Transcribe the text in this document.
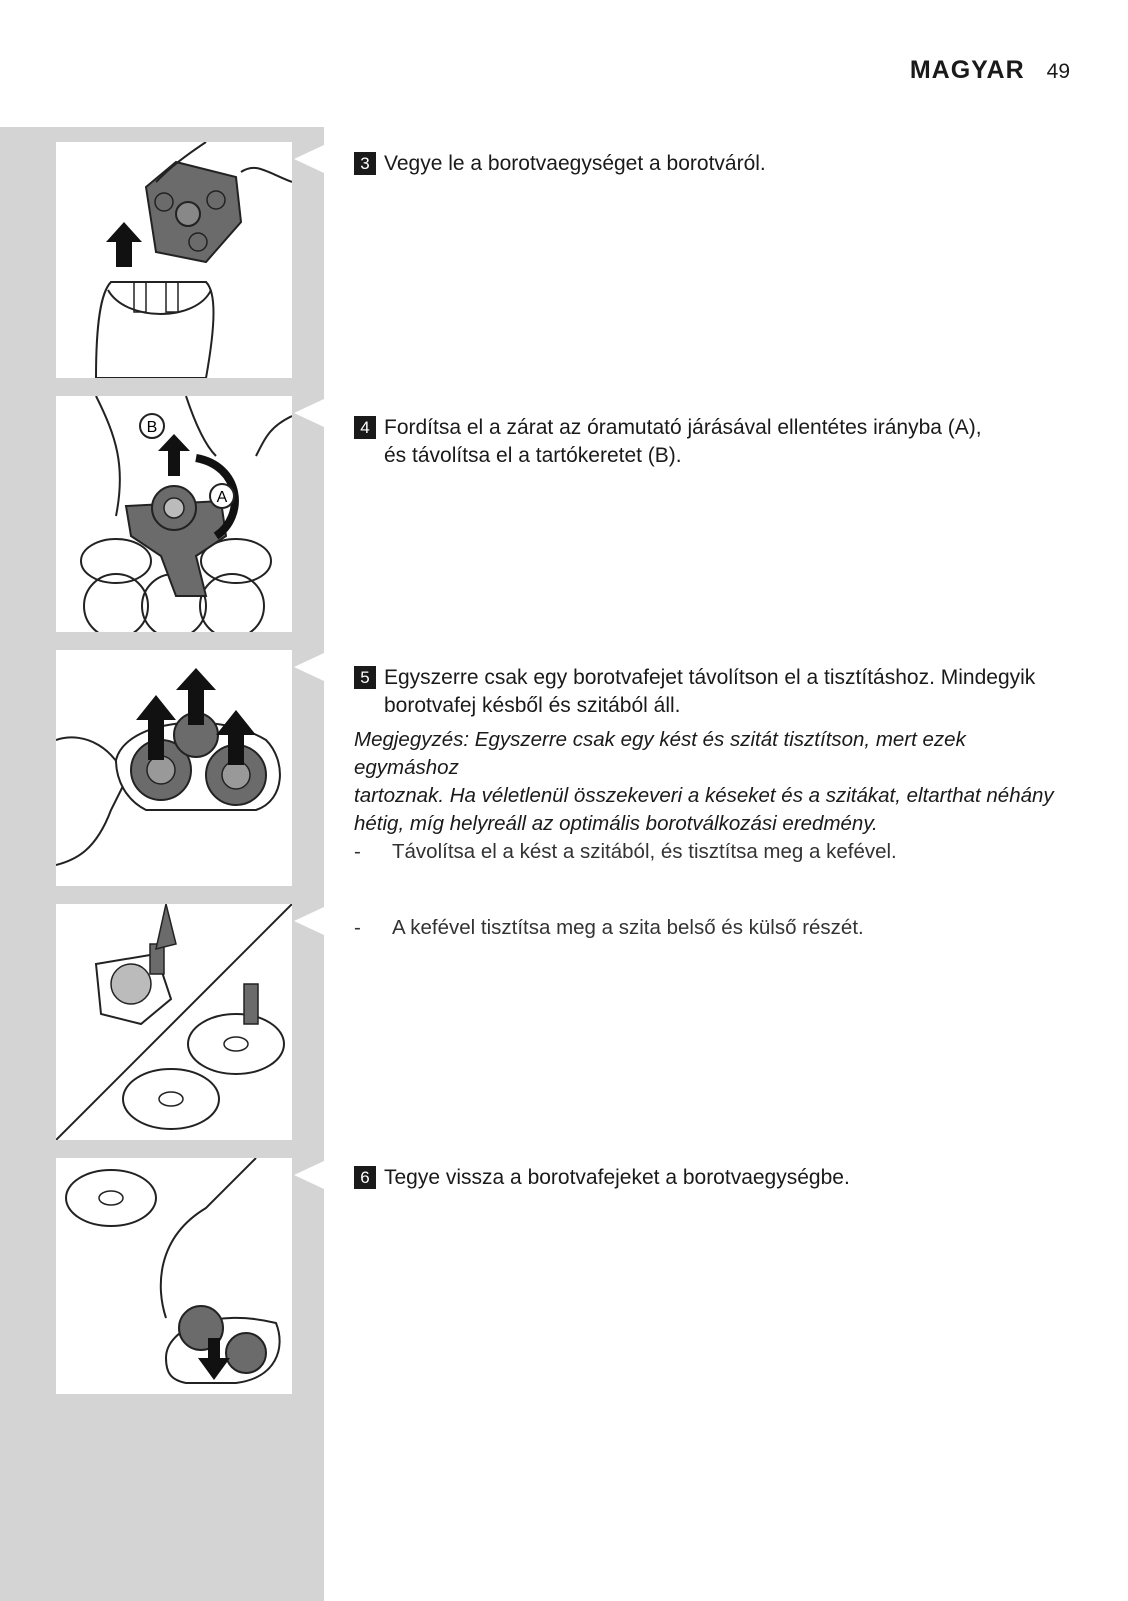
MAGYAR 49
B
A
3 Vegye le a borotvaegységet a borotváról.
4 Fordítsa el a zárat az óramutató járásával ellentétes irányba (A),
és távolítsa el a tartókeretet (B).
5 Egyszerre csak egy borotvafejet távolítson el a tisztításhoz. Mindegyik
borotvafej késből és szitából áll.
Megjegyzés: Egyszerre csak egy kést és szitát tisztítson, mert ezek egymáshoz
tartoznak. Ha véletlenül összekeveri a késeket és a szitákat, eltarthat néhány
hétig, míg helyreáll az optimális borotválkozási eredmény.
-	Távolítsa el a kést a szitából, és tisztítsa meg a kefével.
-	A kefével tisztítsa meg a szita belső és külső részét.
6 Tegye vissza a borotvafejeket a borotvaegységbe.
